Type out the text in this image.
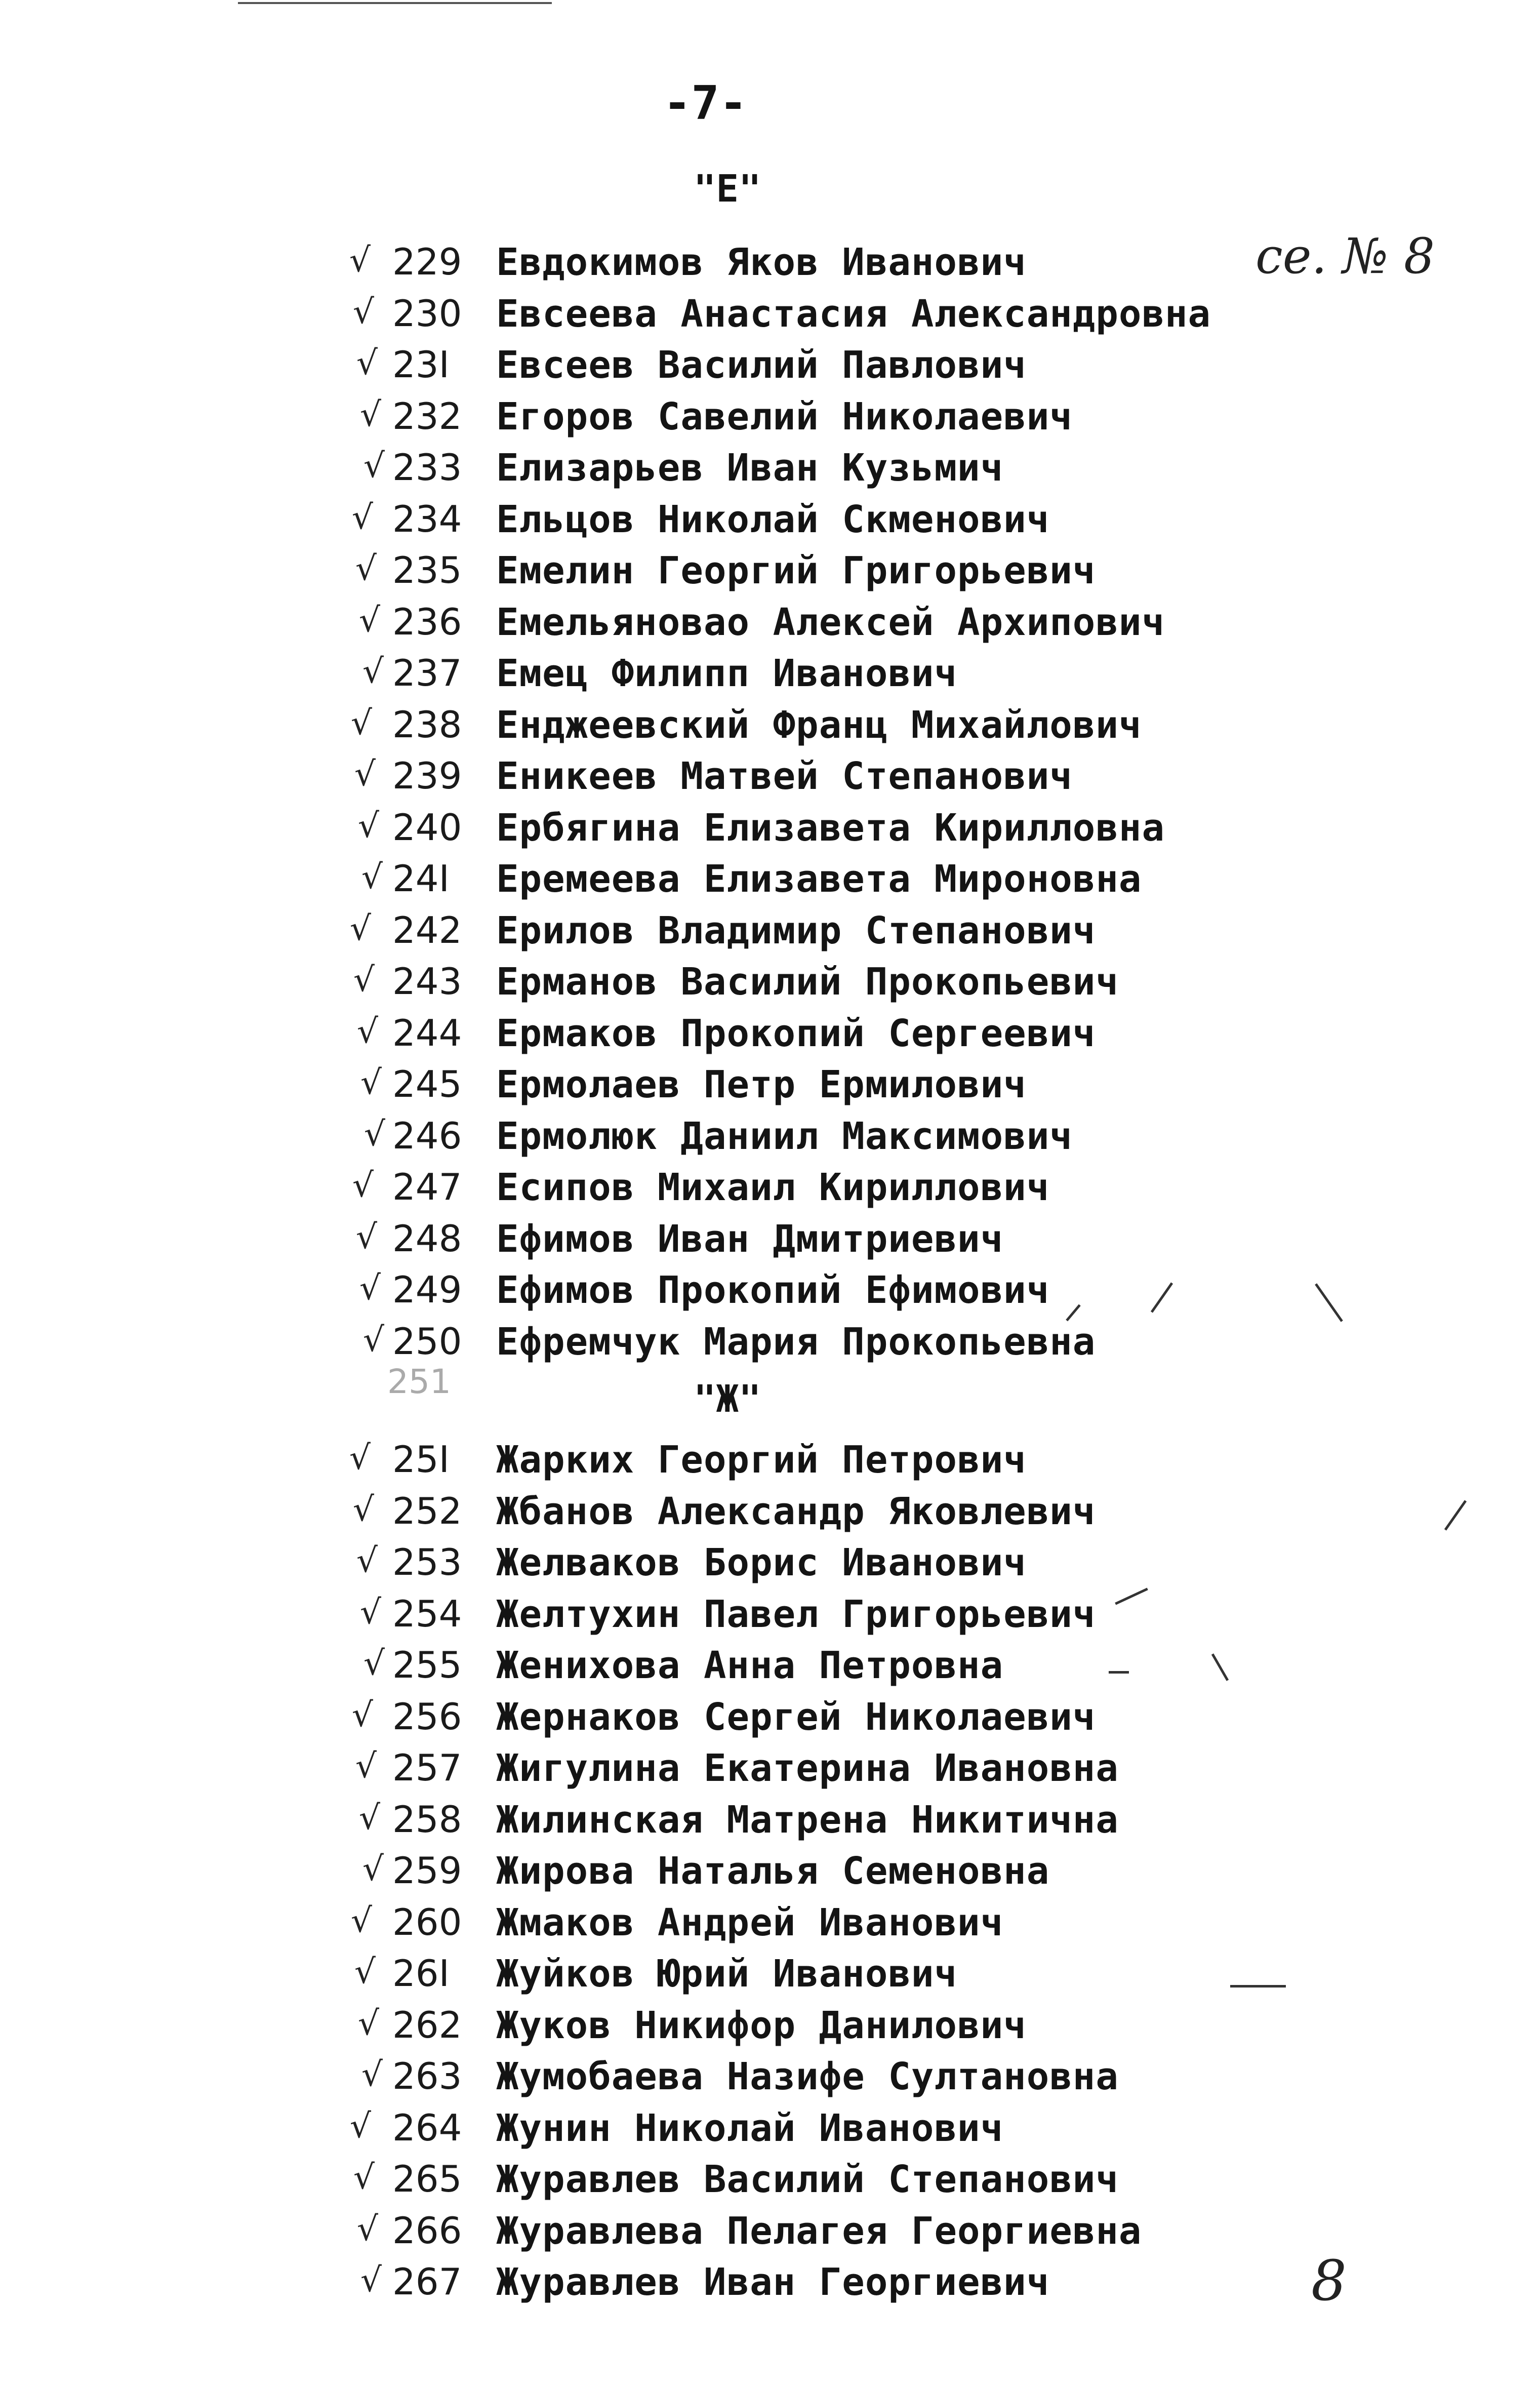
-7-
се. № 8
"Е"
√ 229 Евдокимов Яков Иванович
√ 230 Евсеева Анастасия Александровна
√ 23I Евсеев Василий Павлович
√ 232 Егоров Савелий Николаевич
√ 233 Елизарьев Иван Кузьмич
√ 234 Ельцов Николай Скменович
√ 235 Емелин Георгий Григорьевич
√ 236 Емельяновао Алексей Архипович
√ 237 Емец Филипп Иванович
√ 238 Енджеевский Франц Михайлович
√ 239 Еникеев Матвей Степанович
√ 240 Ербягина Елизавета Кирилловна
√ 24I Еремеева Елизавета Мироновна
√ 242 Ерилов Владимир Степанович
√ 243 Ерманов Василий Прокопьевич
√ 244 Ермаков Прокопий Сергеевич
√ 245 Ермолаев Петр Ермилович
√ 246 Ермолюк Даниил Максимович
√ 247 Есипов Михаил Кириллович
√ 248 Ефимов Иван Дмитриевич
√ 249 Ефимов Прокопий Ефимович
√ 250 Ефремчук Мария Прокопьевна
251	"Ж"
√ 25I Жарких Георгий Петрович
√ 252 Жбанов Александр Яковлевич
√ 253 Желваков Борис Иванович
√ 254 Желтухин Павел Григорьевич
√ 255 Женихова Анна Петровна
√ 256 Жернаков Сергей Николаевич
√ 257 Жигулина Екатерина Ивановна
√ 258 Жилинская Матрена Никитична
√ 259 Жирова Наталья Семеновна
√ 260 Жмаков Андрей Иванович
√ 26I Жуйков Юрий Иванович
√ 262 Жуков Никифор Данилович
√ 263 Жумобаева Назифе Султановна
√ 264 Жунин Николай Иванович
√ 265 Журавлев Василий Степанович
√ 266 Журавлева Пелагея Георгиевна
√ 267 Журавлев Иван Георгиевич	8
